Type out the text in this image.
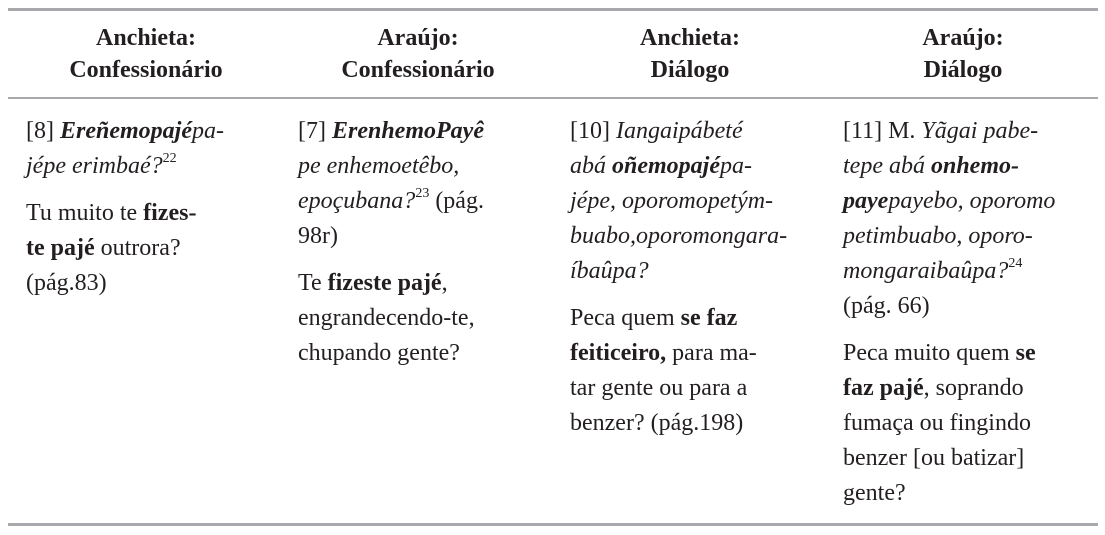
Anchieta:
Confessionário
Araújo:
Confessionário
Anchieta:
Diálogo
Araújo:
Diálogo
[8] Ereñemopajépa-
jépe erimbaé?$^{22}$
Tu muito te fizes-
te pajé outrora?
(pág.83)
[7] ErenhemoPayê
pe enhemoetêbo,
epoçubana?$^{23}$ (pág.
98r)
Te fizeste pajé,
engrandecendo-te,
chupando gente?
[10] Iangaipábeté
abá oñemopajépa-
jépe, oporomopetým-
buabo,oporomongara-
íbaûpa?
Peca quem se faz
feiticeiro, para ma-
tar gente ou para a
benzer? (pág.198)
[11] M. Yãgai pabe-
tepe abá onhemo-
payepayebo, oporomo
petimbuabo, oporo-
mongaraibaûpa?$^{24}$
(pág. 66)
Peca muito quem se
faz pajé, soprando
fumaça ou fingindo
benzer [ou batizar]
gente?
